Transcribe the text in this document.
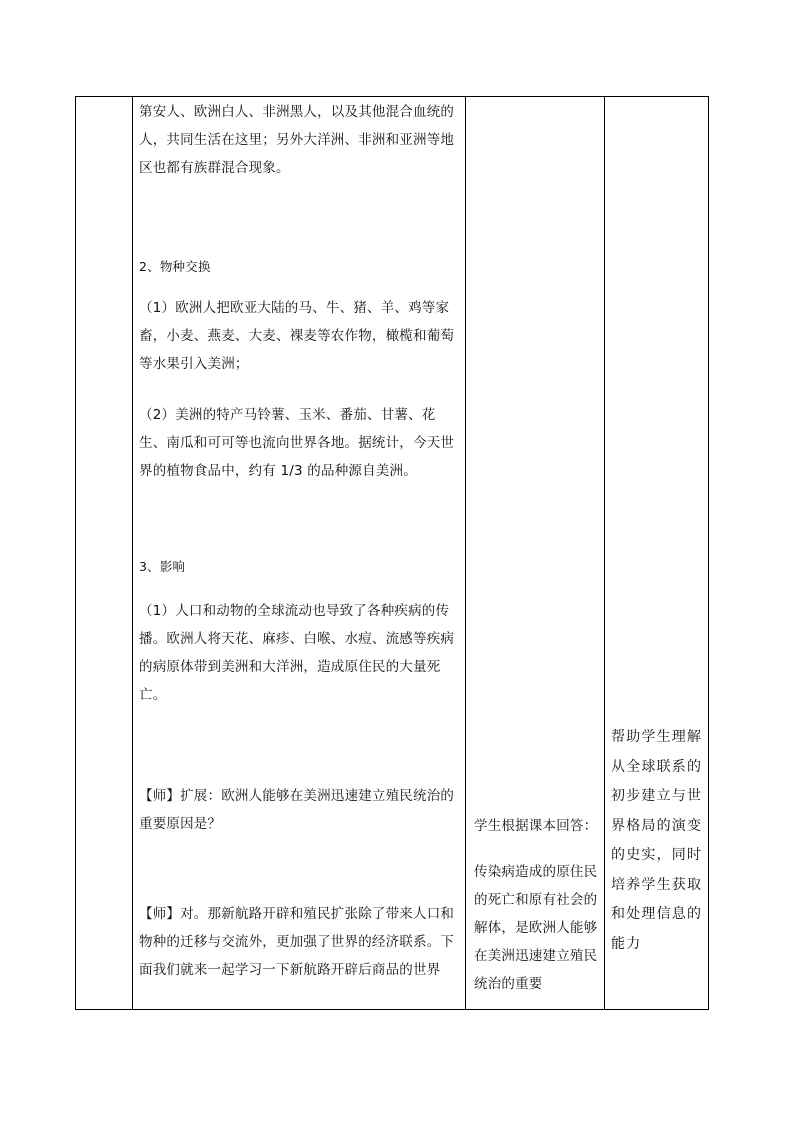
第安人、欧洲白人、非洲黑人，以及其他混合血统的人，共同生活在这里；另外大洋洲、非洲和亚洲等地区也都有族群混合现象。

2、物种交换

（1）欧洲人把欧亚大陆的马、牛、猪、羊、鸡等家畜，小麦、燕麦、大麦、裸麦等农作物，橄榄和葡萄等水果引入美洲；

（2）美洲的特产马铃薯、玉米、番茄、甘薯、花生、南瓜和可可等也流向世界各地。据统计，今天世界的植物食品中，约有 1/3 的品种源自美洲。

3、影响

（1）人口和动物的全球流动也导致了各种疾病的传播。欧洲人将天花、麻疹、白喉、水痘、流感等疾病的病原体带到美洲和大洋洲，造成原住民的大量死亡。

【师】扩展：欧洲人能够在美洲迅速建立殖民统治的重要原因是？

【师】对。那新航路开辟和殖民扩张除了带来人口和物种的迁移与交流外，更加强了世界的经济联系。下面我们就来一起学习一下新航路开辟后商品的世界

学生根据课本回答：

传染病造成的原住民的死亡和原有社会的解体，是欧洲人能够在美洲迅速建立殖民统治的重要

帮助学生理解从全球联系的初步建立与世界格局的演变的史实，同时培养学生获取和处理信息的能力
